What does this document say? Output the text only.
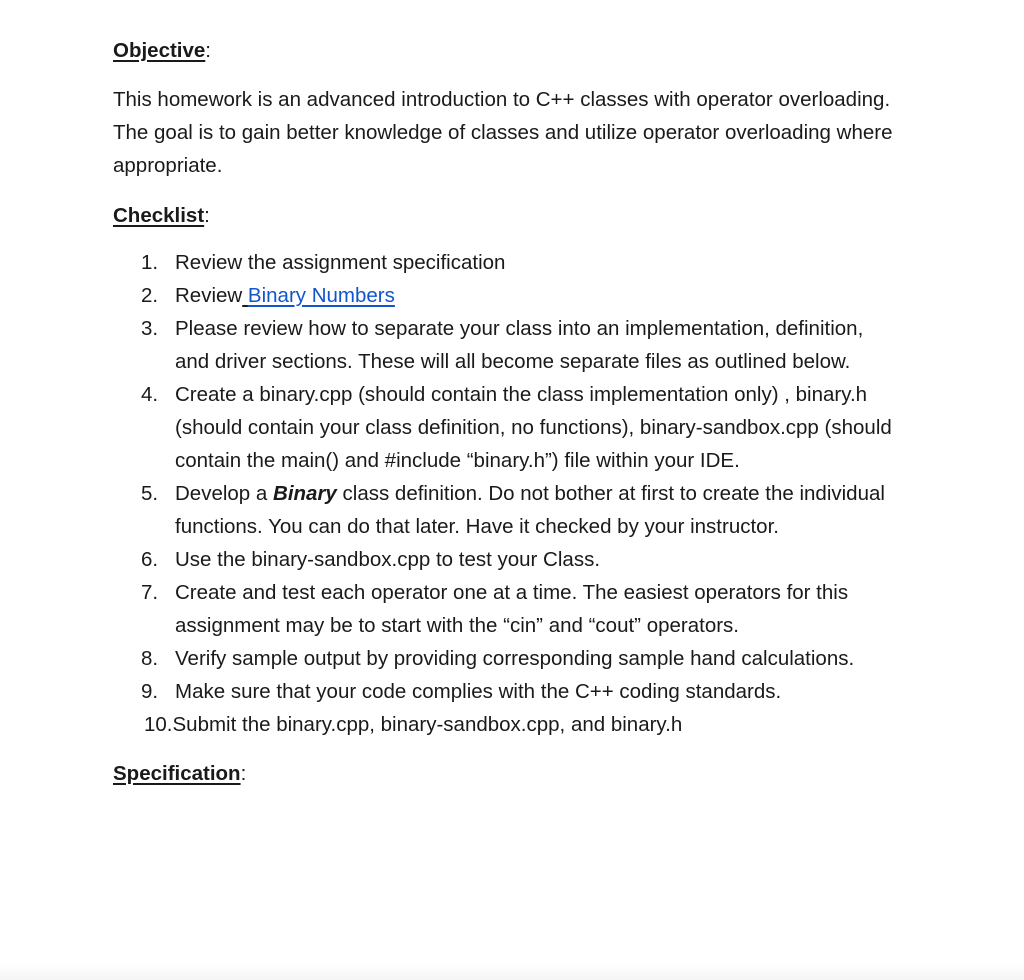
Objective:

This homework is an advanced introduction to C++ classes with operator overloading. The goal is to gain better knowledge of classes and utilize operator overloading where appropriate.

Checklist:
1. Review the assignment specification
2. Review Binary Numbers
3. Please review how to separate your class into an implementation, definition, and driver sections. These will all become separate files as outlined below.
4. Create a binary.cpp (should contain the class implementation only) , binary.h (should contain your class definition, no functions), binary-sandbox.cpp (should contain the main() and #include “binary.h”) file within your IDE.
5. Develop a Binary class definition. Do not bother at first to create the individual functions. You can do that later. Have it checked by your instructor.
6. Use the binary-sandbox.cpp to test your Class.
7. Create and test each operator one at a time. The easiest operators for this assignment may be to start with the “cin” and “cout” operators.
8. Verify sample output by providing corresponding sample hand calculations.
9. Make sure that your code complies with the C++ coding standards.
10.Submit the binary.cpp, binary-sandbox.cpp, and binary.h
Specification:
